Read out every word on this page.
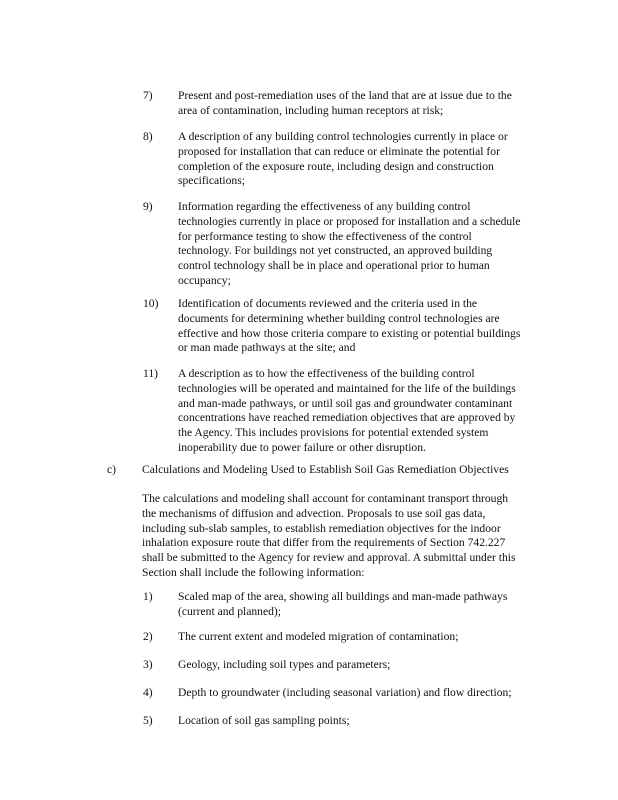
7) Present and post-remediation uses of the land that are at issue due to the
area of contamination, including human receptors at risk;
8) A description of any building control technologies currently in place or
proposed for installation that can reduce or eliminate the potential for
completion of the exposure route, including design and construction
specifications;
9) Information regarding the effectiveness of any building control
technologies currently in place or proposed for installation and a schedule
for performance testing to show the effectiveness of the control
technology. For buildings not yet constructed, an approved building
control technology shall be in place and operational prior to human
occupancy;
10) Identification of documents reviewed and the criteria used in the
documents for determining whether building control technologies are
effective and how those criteria compare to existing or potential buildings
or man made pathways at the site; and
11) A description as to how the effectiveness of the building control
technologies will be operated and maintained for the life of the buildings
and man-made pathways, or until soil gas and groundwater contaminant
concentrations have reached remediation objectives that are approved by
the Agency. This includes provisions for potential extended system
inoperability due to power failure or other disruption.
c) Calculations and Modeling Used to Establish Soil Gas Remediation Objectives
The calculations and modeling shall account for contaminant transport through
the mechanisms of diffusion and advection. Proposals to use soil gas data,
including sub-slab samples, to establish remediation objectives for the indoor
inhalation exposure route that differ from the requirements of Section 742.227
shall be submitted to the Agency for review and approval. A submittal under this
Section shall include the following information:
1) Scaled map of the area, showing all buildings and man-made pathways
(current and planned);
2) The current extent and modeled migration of contamination;
3) Geology, including soil types and parameters;
4) Depth to groundwater (including seasonal variation) and flow direction;
5) Location of soil gas sampling points;
